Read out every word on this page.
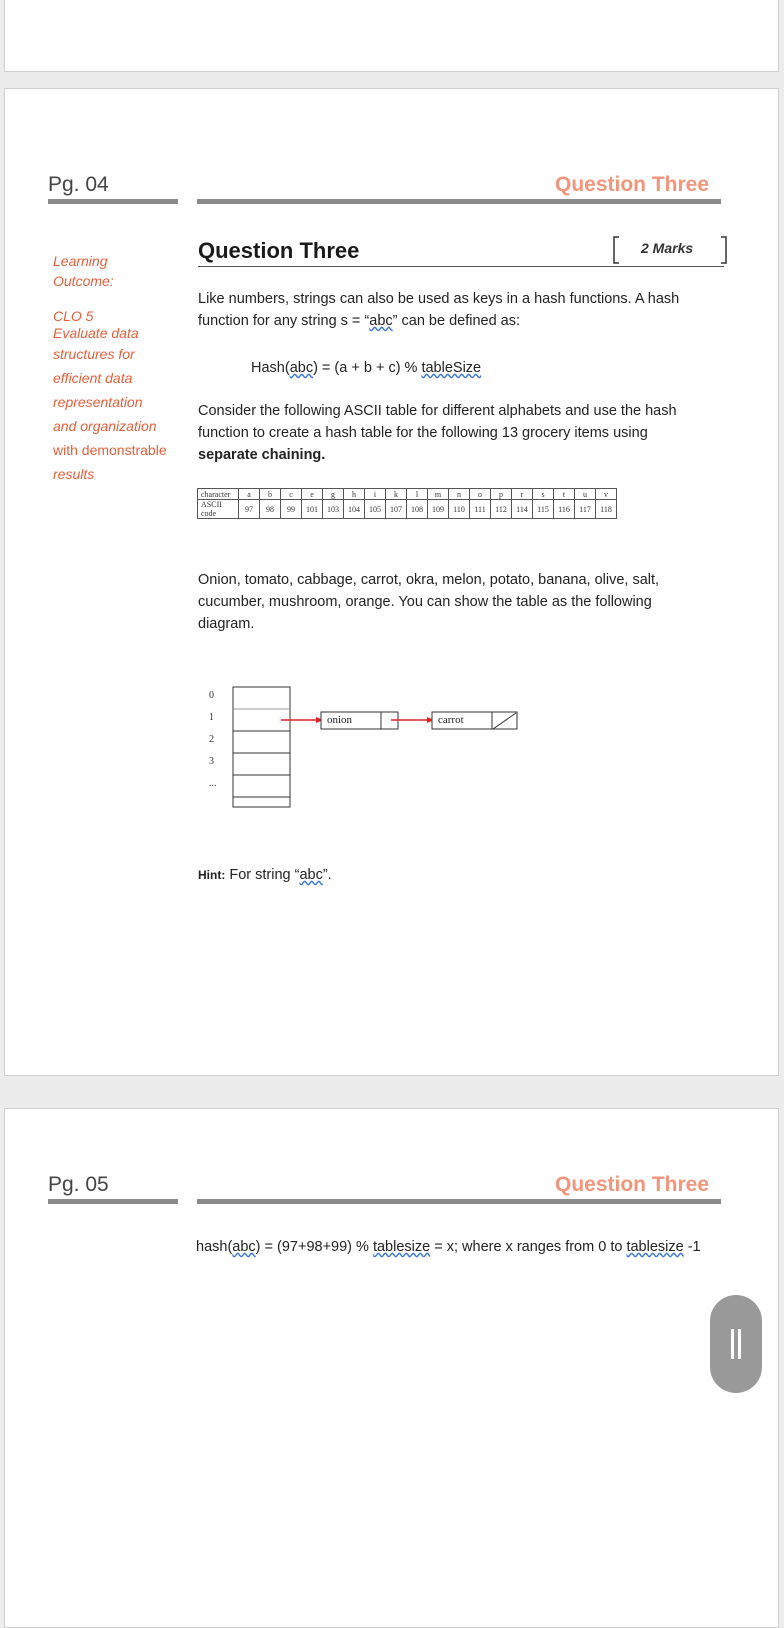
Pg. 04	Question Three
Learning
Outcome:
CLO 5
Evaluate data
structures for
efficient data
representation
and organization
with demonstrable
results
Question Three	2 Marks
Like numbers, strings can also be used as keys in a hash functions. A hash
function for any string s = “abc” can be defined as:
Hash(abc) = (a + b + c) % tableSize
Consider the following ASCII table for different alphabets and use the hash
function to create a hash table for the following 13 grocery items using
separate chaining.
character	a	b	c	e	g	h	i	k	l	m	n	o	p	r	s	t	u	v
ASCII code	97	98	99	101	103	104	105	107	108	109	110	111	112	114	115	116	117	118
Onion, tomato, cabbage, carrot, okra, melon, potato, banana, olive, salt,
cucumber, mushroom, orange. You can show the table as the following
diagram.
0
1
2
3
...
onion	carrot
Hint: For string “abc”.
Pg. 05	Question Three
hash(abc) = (97+98+99) % tablesize = x; where x ranges from 0 to tablesize -1
